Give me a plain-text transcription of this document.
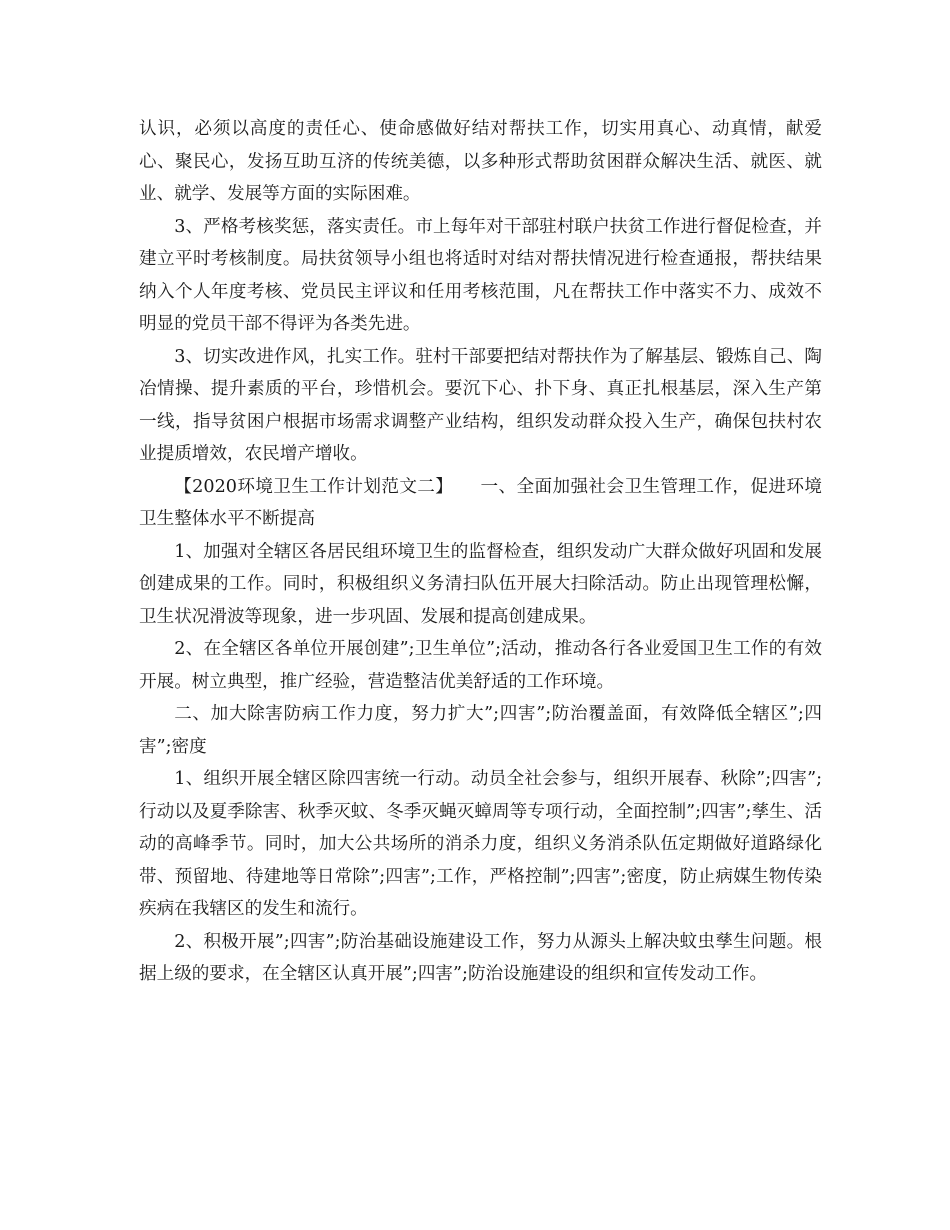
认识，必须以高度的责任心、使命感做好结对帮扶工作，切实用真心、动真情，献爱心、聚民心，发扬互助互济的传统美德，以多种形式帮助贫困群众解决生活、就医、就业、就学、发展等方面的实际困难。

3、严格考核奖惩，落实责任。市上每年对干部驻村联户扶贫工作进行督促检查，并建立平时考核制度。局扶贫领导小组也将适时对结对帮扶情况进行检查通报，帮扶结果纳入个人年度考核、党员民主评议和任用考核范围，凡在帮扶工作中落实不力、成效不明显的党员干部不得评为各类先进。

3、切实改进作风，扎实工作。驻村干部要把结对帮扶作为了解基层、锻炼自己、陶冶情操、提升素质的平台，珍惜机会。要沉下心、扑下身、真正扎根基层，深入生产第一线，指导贫困户根据市场需求调整产业结构，组织发动群众投入生产，确保包扶村农业提质增效，农民增产增收。

【2020环境卫生工作计划范文二】　　一、全面加强社会卫生管理工作，促进环境卫生整体水平不断提高

1、加强对全辖区各居民组环境卫生的监督检查，组织发动广大群众做好巩固和发展创建成果的工作。同时，积极组织义务清扫队伍开展大扫除活动。防止出现管理松懈，卫生状况滑波等现象，进一步巩固、发展和提高创建成果。

2、在全辖区各单位开展创建”;卫生单位”;活动，推动各行各业爱国卫生工作的有效开展。树立典型，推广经验，营造整洁优美舒适的工作环境。

二、加大除害防病工作力度，努力扩大”;四害”;防治覆盖面，有效降低全辖区”;四害”;密度

1、组织开展全辖区除四害统一行动。动员全社会参与，组织开展春、秋除”;四害”;行动以及夏季除害、秋季灭蚊、冬季灭蝇灭蟑周等专项行动，全面控制”;四害”;孳生、活动的高峰季节。同时，加大公共场所的消杀力度，组织义务消杀队伍定期做好道路绿化带、预留地、待建地等日常除”;四害”;工作，严格控制”;四害”;密度，防止病媒生物传染疾病在我辖区的发生和流行。

2、积极开展”;四害”;防治基础设施建设工作，努力从源头上解决蚊虫孳生问题。根据上级的要求，在全辖区认真开展”;四害”;防治设施建设的组织和宣传发动工作。
